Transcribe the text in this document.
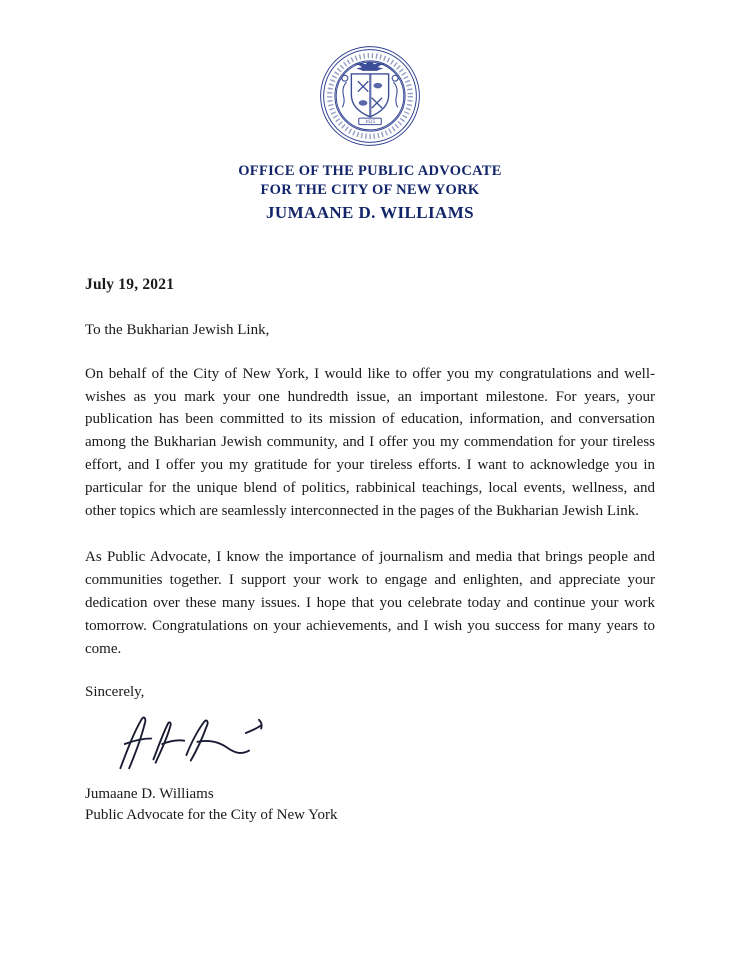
1625
OFFICE OF THE PUBLIC ADVOCATE
FOR THE CITY OF NEW YORK
JUMAANE D. WILLIAMS
July 19, 2021
To the Bukharian Jewish Link,

On behalf of the City of New York, I would like to offer you my congratulations and well-wishes as you mark your one hundredth issue, an important milestone. For years, your publication has been committed to its mission of education, information, and conversation among the Bukharian Jewish community, and I offer you my commendation for your tireless effort, and I offer you my gratitude for your tireless efforts. I want to acknowledge you in particular for the unique blend of politics, rabbinical teachings, local events, wellness, and other topics which are seamlessly interconnected in the pages of the Bukharian Jewish Link.

As Public Advocate, I know the importance of journalism and media that brings people and communities together. I support your work to engage and enlighten, and appreciate your dedication over these many issues. I hope that you celebrate today and continue your work tomorrow. Congratulations on your achievements, and I wish you success for many years to come.

Sincerely,
Jumaane D. Williams
Public Advocate for the City of New York
